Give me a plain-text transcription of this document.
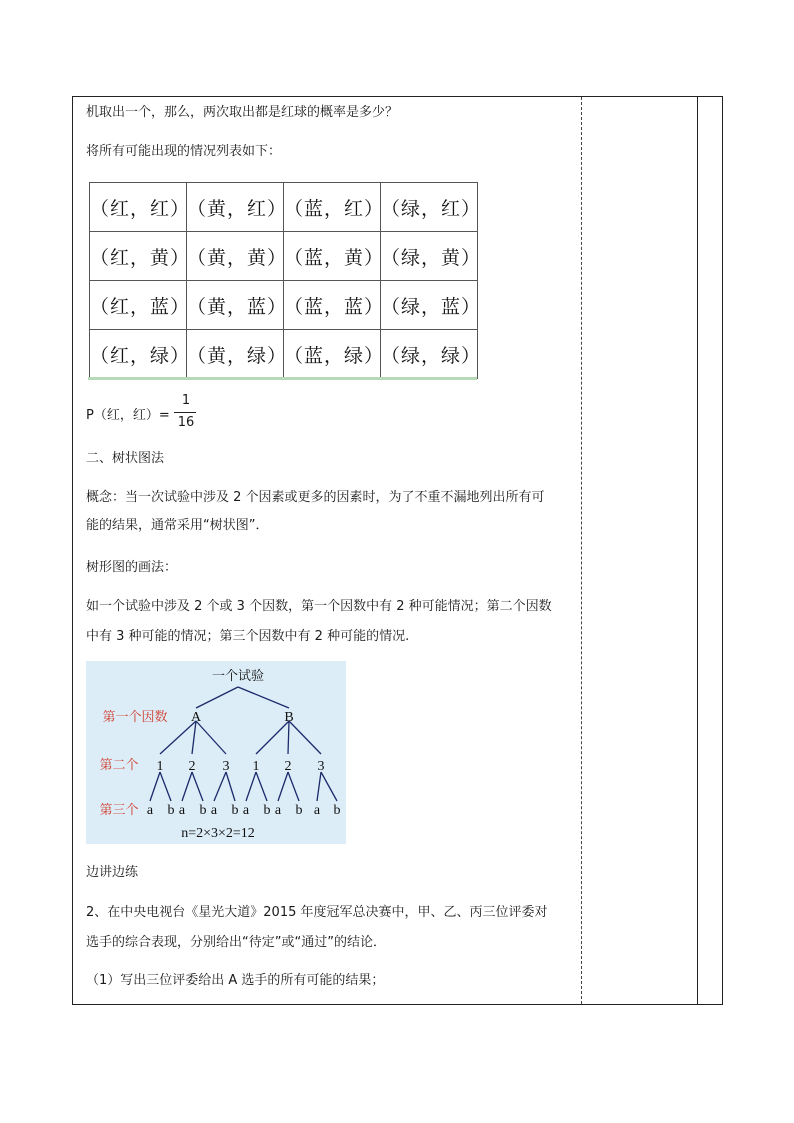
机取出一个，那么，两次取出都是红球的概率是多少？
将所有可能出现的情况列表如下：
（红，红）	（黄，红）	（蓝，红）	（绿，红）
（红，黄）	（黄，黄）	（蓝，黄）	（绿，黄）
（红，蓝）	（黄，蓝）	（蓝，蓝）	（绿，蓝）
（红，绿）	（黄，绿）	（蓝，绿）	（绿，绿）
P（红，红）=
1
16
二、树状图法
概念：当一次试验中涉及 2 个因素或更多的因素时，为了不重不漏地列出所有可
能的结果，通常采用“树状图”．
树形图的画法：
如一个试验中涉及 2 个或 3 个因数，第一个因数中有 2 种可能情况；第二个因数
中有 3 种可能的情况；第三个因数中有 2 种可能的情况.
一个试验
第一个因数
第二个
第三个
A	B
1 2 3 1 2 3
a b a b a b a b a b a b
n=2×3×2=12
边讲边练
2、在中央电视台《星光大道》2015 年度冠军总决赛中，甲、乙、丙三位评委对
选手的综合表现，分别给出“待定”或“通过”的结论．
（1）写出三位评委给出 A 选手的所有可能的结果；
